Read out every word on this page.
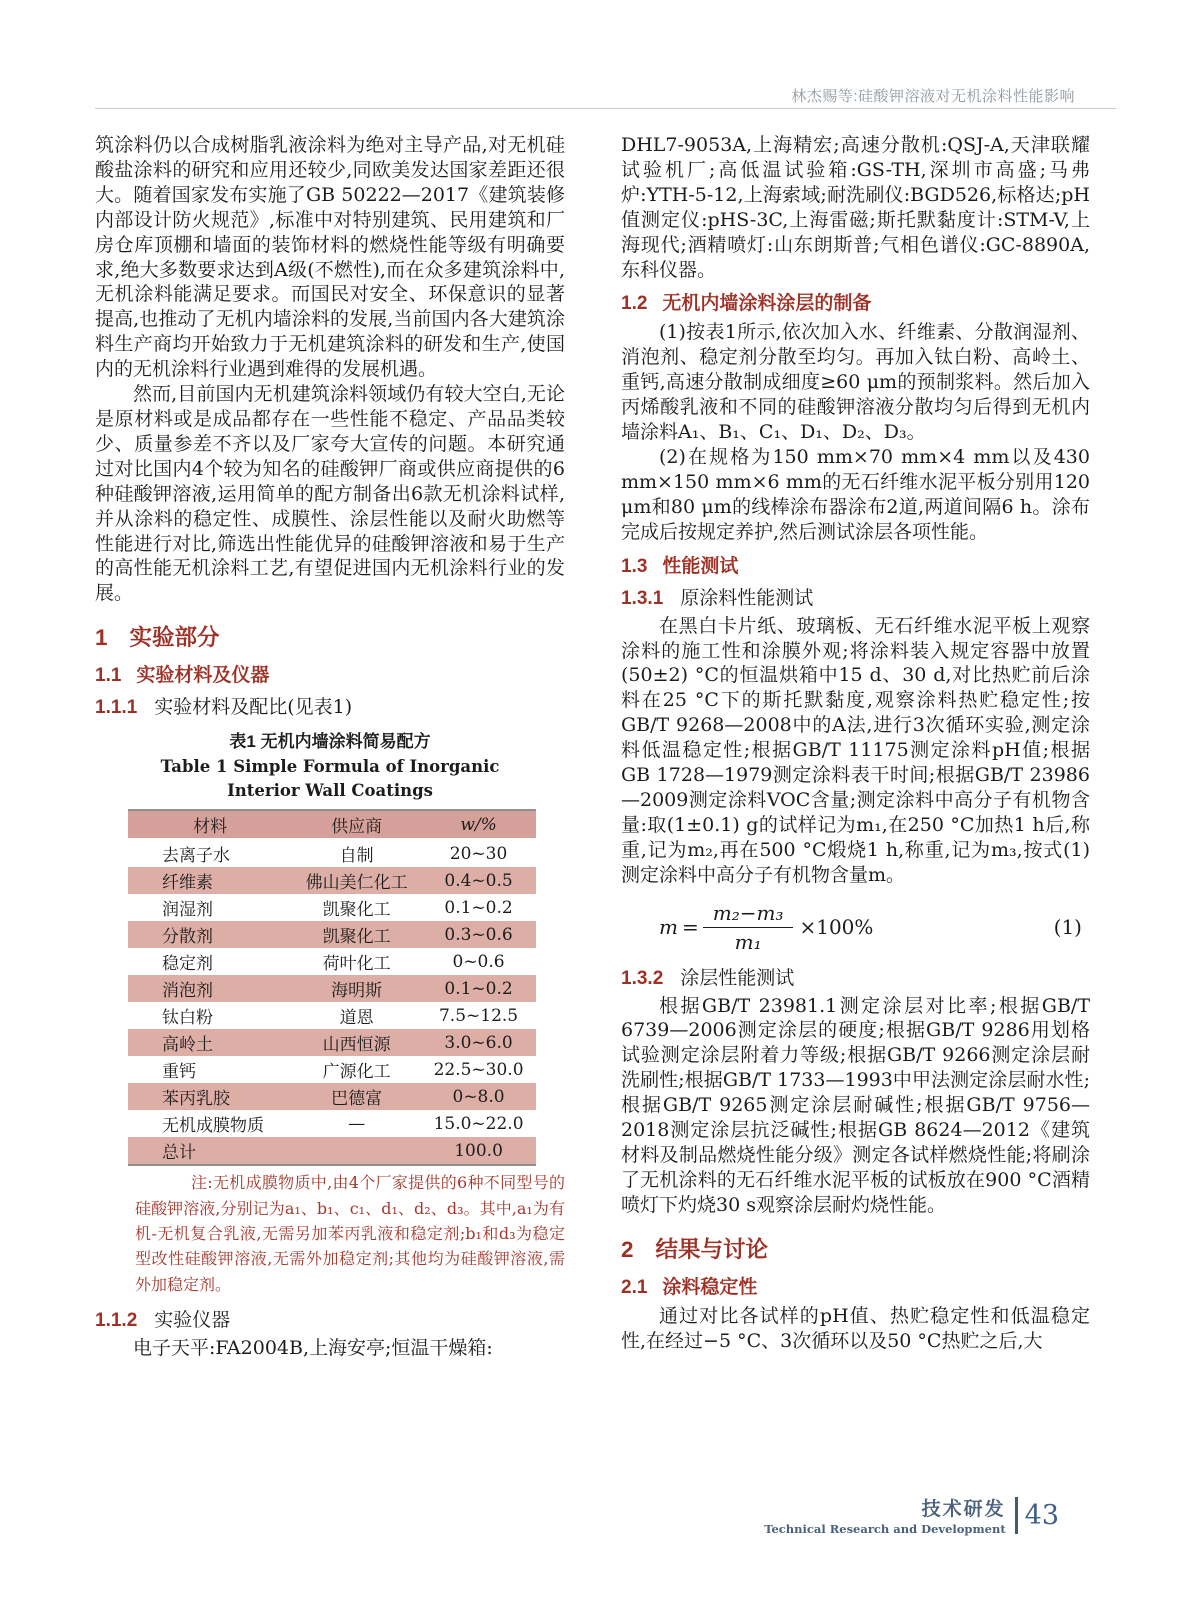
林杰赐等:硅酸钾溶液对无机涂料性能影响

筑涂料仍以合成树脂乳液涂料为绝对主导产品,对无机硅酸盐涂料的研究和应用还较少,同欧美发达国家差距还很大。随着国家发布实施了GB 50222—2017《建筑装修内部设计防火规范》,标准中对特别建筑、民用建筑和厂房仓库顶棚和墙面的装饰材料的燃烧性能等级有明确要求,绝大多数要求达到A级(不燃性),而在众多建筑涂料中,无机涂料能满足要求。而国民对安全、环保意识的显著提高,也推动了无机内墙涂料的发展,当前国内各大建筑涂料生产商均开始致力于无机建筑涂料的研发和生产,使国内的无机涂料行业遇到难得的发展机遇。

然而,目前国内无机建筑涂料领域仍有较大空白,无论是原材料或是成品都存在一些性能不稳定、产品品类较少、质量参差不齐以及厂家夸大宣传的问题。本研究通过对比国内4个较为知名的硅酸钾厂商或供应商提供的6种硅酸钾溶液,运用简单的配方制备出6款无机涂料试样,并从涂料的稳定性、成膜性、涂层性能以及耐火助燃等性能进行对比,筛选出性能优异的硅酸钾溶液和易于生产的高性能无机涂料工艺,有望促进国内无机涂料行业的发展。

1 实验部分
1.1 实验材料及仪器
1.1.1 实验材料及配比(见表1)
表1 无机内墙涂料简易配方
Table 1 Simple Formula of Inorganic Interior Wall Coatings
材料	供应商	w/%
去离子水	自制	20~30
纤维素	佛山美仁化工	0.4~0.5
润湿剂	凯聚化工	0.1~0.2
分散剂	凯聚化工	0.3~0.6
稳定剂	荷叶化工	0~0.6
消泡剂	海明斯	0.1~0.2
钛白粉	道恩	7.5~12.5
高岭土	山西恒源	3.0~6.0
重钙	广源化工	22.5~30.0
苯丙乳胶	巴德富	0~8.0
无机成膜物质	—	15.0~22.0
总计		100.0
注:无机成膜物质中,由4个厂家提供的6种不同型号的硅酸钾溶液,分别记为a₁、b₁、c₁、d₁、d₂、d₃。其中,a₁为有机-无机复合乳液,无需另加苯丙乳液和稳定剂;b₁和d₃为稳定型改性硅酸钾溶液,无需外加稳定剂;其他均为硅酸钾溶液,需外加稳定剂。
1.1.2 实验仪器

电子天平:FA2004B,上海安亭;恒温干燥箱:

DHL7-9053A,上海精宏;高速分散机:QSJ-A,天津联耀试验机厂;高低温试验箱:GS-TH,深圳市高盛;马弗炉:YTH-5-12,上海索域;耐洗刷仪:BGD526,标格达;pH值测定仪:pHS-3C,上海雷磁;斯托默黏度计:STM-V,上海现代;酒精喷灯:山东朗斯普;气相色谱仪:GC-8890A,东科仪器。

1.2 无机内墙涂料涂层的制备

(1)按表1所示,依次加入水、纤维素、分散润湿剂、消泡剂、稳定剂分散至均匀。再加入钛白粉、高岭土、重钙,高速分散制成细度≥60 μm的预制浆料。然后加入丙烯酸乳液和不同的硅酸钾溶液分散均匀后得到无机内墙涂料A₁、B₁、C₁、D₁、D₂、D₃。

(2)在规格为150 mm×70 mm×4 mm以及430 mm×150 mm×6 mm的无石纤维水泥平板分别用120 μm和80 μm的线棒涂布器涂布2道,两道间隔6 h。涂布完成后按规定养护,然后测试涂层各项性能。

1.3 性能测试
1.3.1 原涂料性能测试

在黑白卡片纸、玻璃板、无石纤维水泥平板上观察涂料的施工性和涂膜外观;将涂料装入规定容器中放置(50±2) °C的恒温烘箱中15 d、30 d,对比热贮前后涂料在25 °C下的斯托默黏度,观察涂料热贮稳定性;按GB/T 9268—2008中的A法,进行3次循环实验,测定涂料低温稳定性;根据GB/T 11175测定涂料pH值;根据GB 1728—1979测定涂料表干时间;根据GB/T 23986—2009测定涂料VOC含量;测定涂料中高分子有机物含量:取(1±0.1) g的试样记为m₁,在250 °C加热1 h后,称重,记为m₂,再在500 °C煅烧1 h,称重,记为m₃,按式(1)测定涂料中高分子有机物含量m。

$m = \frac{\text{m₂−m₃}}{\text{m₁}} \times 100\%$	(1)
1.3.2 涂层性能测试

根据GB/T 23981.1测定涂层对比率;根据GB/T 6739—2006测定涂层的硬度;根据GB/T 9286用划格试验测定涂层附着力等级;根据GB/T 9266测定涂层耐洗刷性;根据GB/T 1733—1993中甲法测定涂层耐水性;根据GB/T 9265测定涂层耐碱性;根据GB/T 9756—2018测定涂层抗泛碱性;根据GB 8624—2012《建筑材料及制品燃烧性能分级》测定各试样燃烧性能;将刷涂了无机涂料的无石纤维水泥平板的试板放在900 °C酒精喷灯下灼烧30 s观察涂层耐灼烧性能。

2 结果与讨论
2.1 涂料稳定性

通过对比各试样的pH值、热贮稳定性和低温稳定性,在经过−5 °C、3次循环以及50 °C热贮之后,大

技术研发
Technical Research and Development 43
